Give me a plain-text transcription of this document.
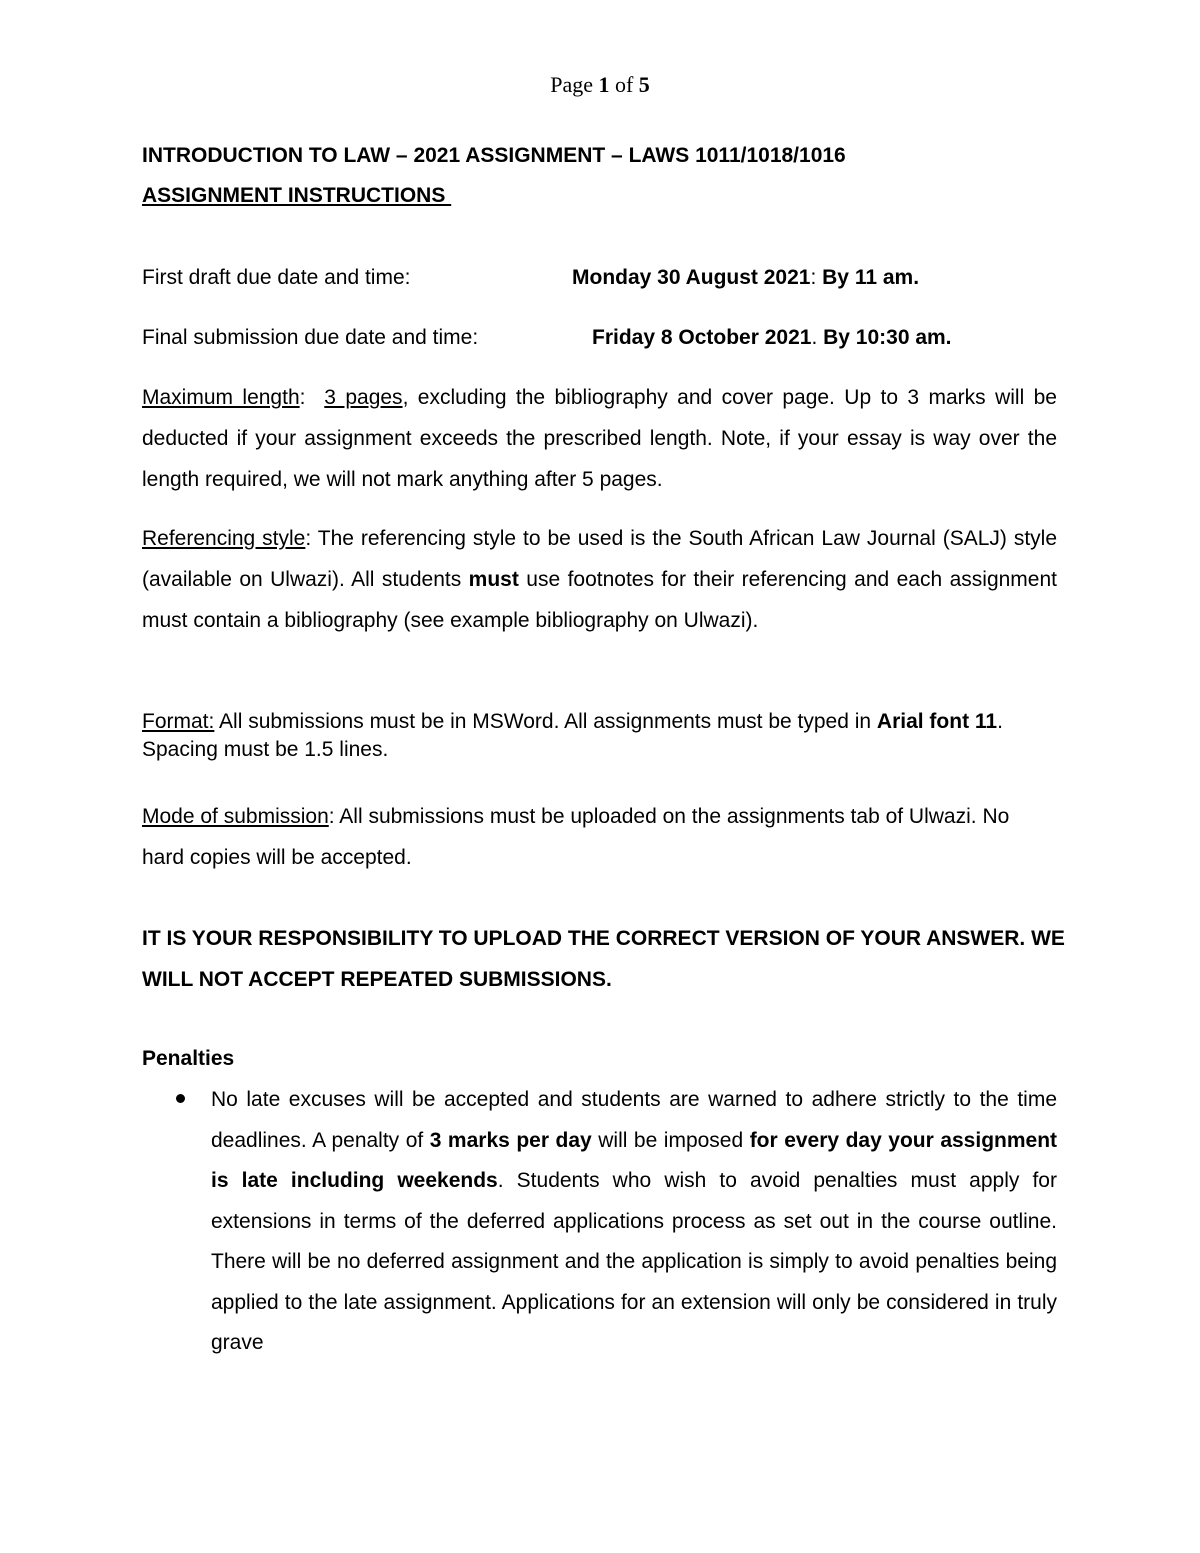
Page 1 of 5
INTRODUCTION TO LAW – 2021 ASSIGNMENT – LAWS 1011/1018/1016
ASSIGNMENT INSTRUCTIONS
First draft due date and time:	Monday 30 August 2021: By 11 am.
Final submission due date and time:	Friday 8 October 2021. By 10:30 am.
Maximum length:  3 pages, excluding the bibliography and cover page. Up to 3 marks will be deducted if your assignment exceeds the prescribed length. Note, if your essay is way over the length required, we will not mark anything after 5 pages.
Referencing style: The referencing style to be used is the South African Law Journal (SALJ) style (available on Ulwazi). All students must use footnotes for their referencing and each assignment must contain a bibliography (see example bibliography on Ulwazi).
Format: All submissions must be in MSWord. All assignments must be typed in Arial font 11. Spacing must be 1.5 lines.
Mode of submission: All submissions must be uploaded on the assignments tab of Ulwazi. No hard copies will be accepted.
IT IS YOUR RESPONSIBILITY TO UPLOAD THE CORRECT VERSION OF YOUR ANSWER. WE WILL NOT ACCEPT REPEATED SUBMISSIONS.
Penalties
No late excuses will be accepted and students are warned to adhere strictly to the time deadlines. A penalty of 3 marks per day will be imposed for every day your assignment is late including weekends. Students who wish to avoid penalties must apply for extensions in terms of the deferred applications process as set out in the course outline. There will be no deferred assignment and the application is simply to avoid penalties being applied to the late assignment. Applications for an extension will only be considered in truly grave
